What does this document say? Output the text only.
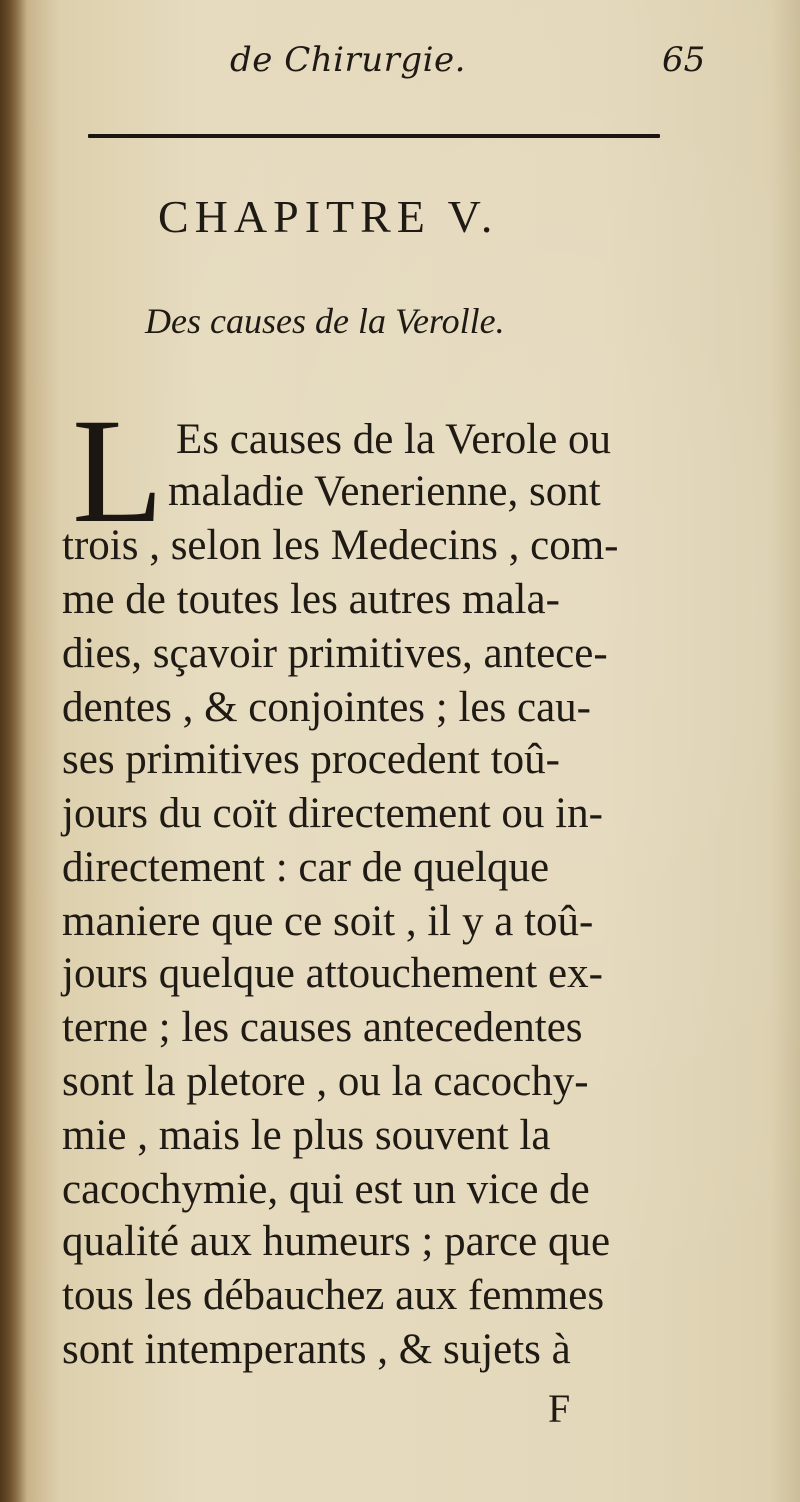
de Chirurgie.	65
CHAPITRE V.
Des causes de la Verolle.
L Es causes de la Verole ou
maladie Venerienne, sont
trois , selon les Medecins , com-
me de toutes les autres mala-
dies, sçavoir primitives, antece-
dentes , & conjointes ; les cau-
ses primitives procedent toû-
jours du coït directement ou in-
directement : car de quelque
maniere que ce soit , il y a toû-
jours quelque attouchement ex-
terne ; les causes antecedentes
sont la pletore , ou la cacochy-
mie , mais le plus souvent la
cacochymie, qui est un vice de
qualité aux humeurs ; parce que
tous les débauchez aux femmes
sont intemperants , & sujets à
F
